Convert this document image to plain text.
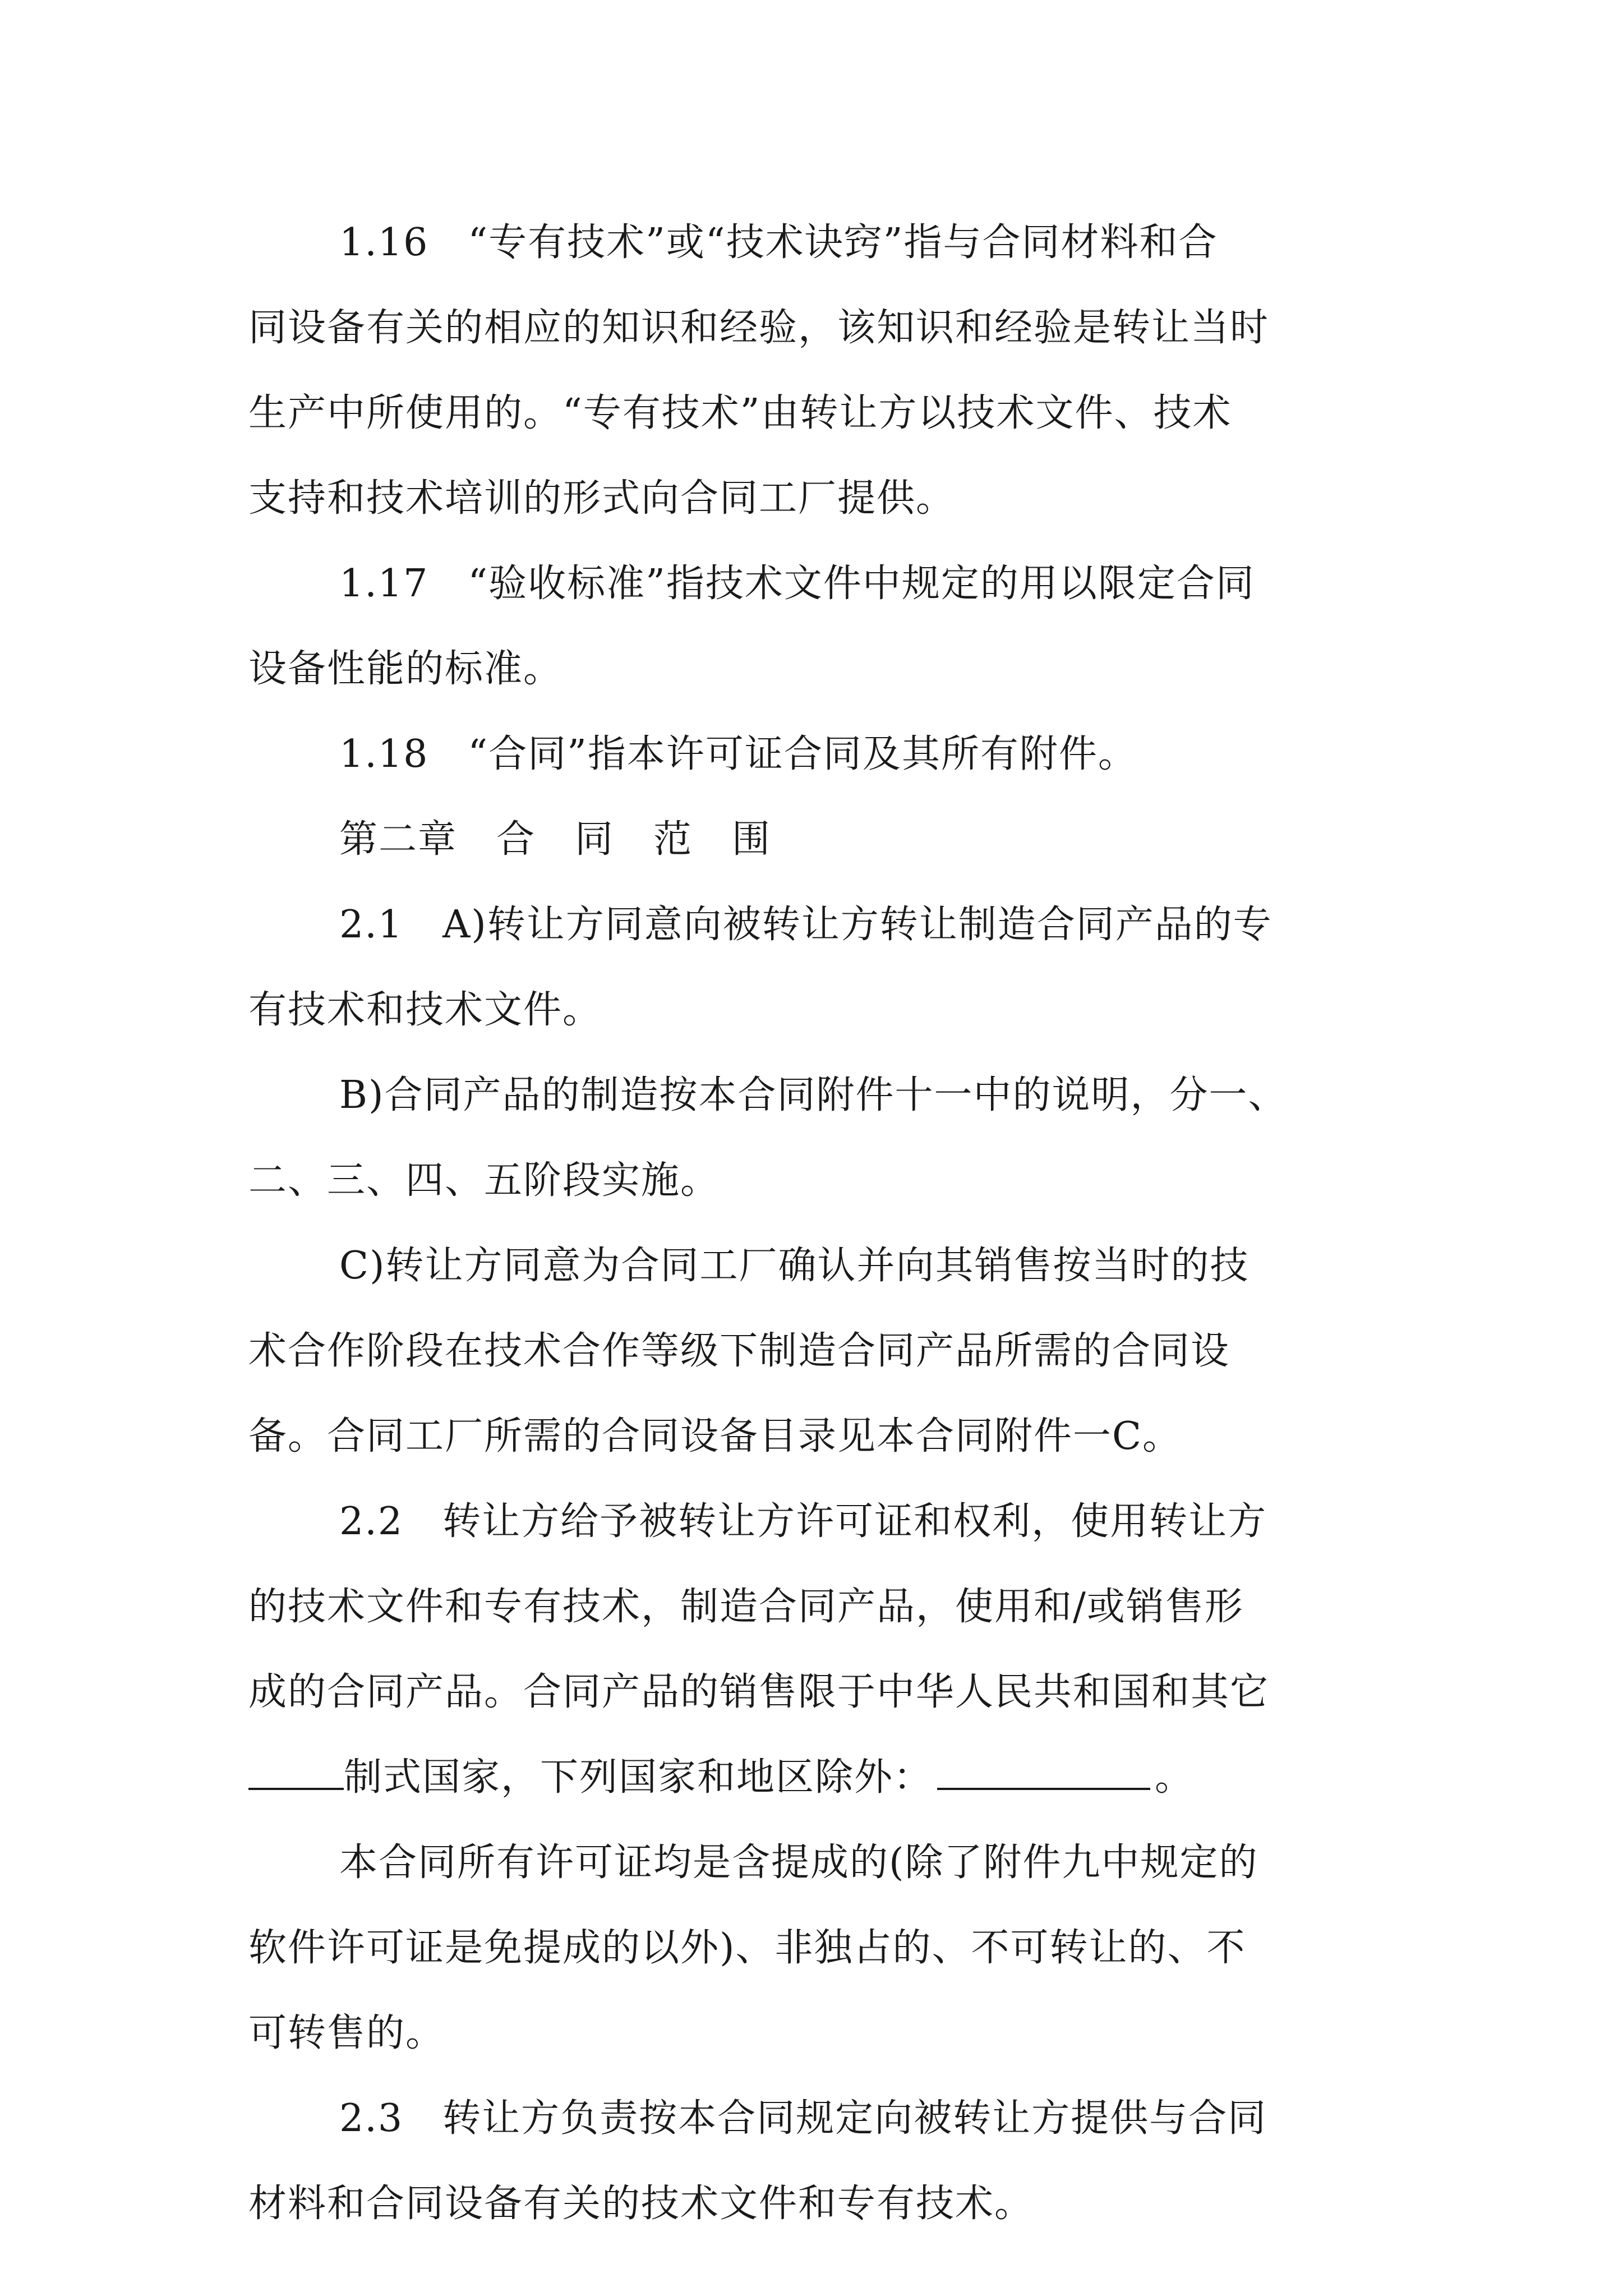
1.16　“专有技术”或“技术诀窍”指与合同材料和合
同设备有关的相应的知识和经验，该知识和经验是转让当时
生产中所使用的。“专有技术”由转让方以技术文件、技术
支持和技术培训的形式向合同工厂提供。
1.17　“验收标准”指技术文件中规定的用以限定合同
设备性能的标准。
1.18　“合同”指本许可证合同及其所有附件。
第二章　合　同　范　围
2.1　A)转让方同意向被转让方转让制造合同产品的专
有技术和技术文件。
B)合同产品的制造按本合同附件十一中的说明，分一、
二、三、四、五阶段实施。
C)转让方同意为合同工厂确认并向其销售按当时的技
术合作阶段在技术合作等级下制造合同产品所需的合同设
备。合同工厂所需的合同设备目录见本合同附件一C。
2.2　转让方给予被转让方许可证和权利，使用转让方
的技术文件和专有技术，制造合同产品，使用和/或销售形
成的合同产品。合同产品的销售限于中华人民共和国和其它
制式国家，下列国家和地区除外：	。
本合同所有许可证均是含提成的(除了附件九中规定的
软件许可证是免提成的以外)、非独占的、不可转让的、不
可转售的。
2.3　转让方负责按本合同规定向被转让方提供与合同
材料和合同设备有关的技术文件和专有技术。
